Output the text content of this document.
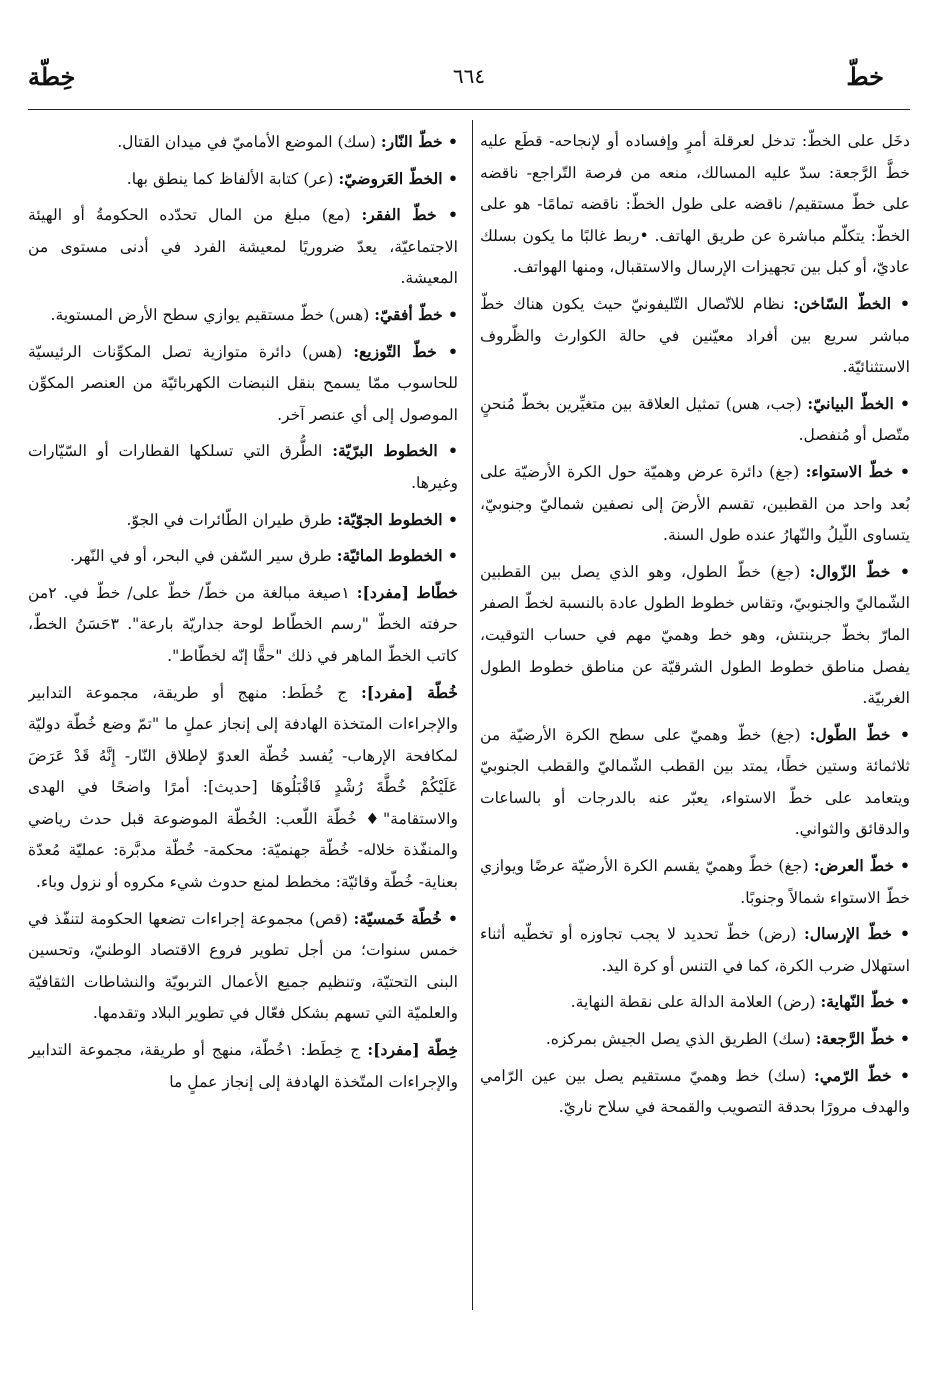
خطّ
٦٦٤
خِطّة

دخَل على الخطّ: تدخل لعرقلة أمرٍ وإفساده أو لإنجاحه- قطَع عليه خطَّ الرَّجعة: سدّ عليه المسالك، منعه من فرصة التّراجع- ناقضه على خطّ مستقيم/ ناقضه على طول الخطّ: ناقضه تمامًا- هو على الخطّ: يتكلّم مباشرة عن طريق الهاتف. •ربط غالبًا ما يكون بسلك عاديّ، أو كبل بين تجهيزات الإرسال والاستقبال، ومنها الهواتف.

• الخطّ السّاخن: نظام للاتّصال التّليفونيّ حيث يكون هناك خطّ مباشر سريع بين أفراد معيّنين في حالة الكوارث والظّروف الاستثنائيّة.

• الخطّ البيانيّ: (جب، هس) تمثيل العلاقة بين متغيِّرين بخطّ مُنحنٍ متّصل أو مُنفصل.

• خطّ الاستواء: (جغ) دائرة عرض وهميّة حول الكرة الأرضيّة على بُعد واحد من القطبين، تقسم الأرضَ إلى نصفين شماليّ وجنوبيّ، يتساوى اللّيلُ والنّهارُ عنده طول السنة.

• خطّ الزّوال: (جغ) خطّ الطول، وهو الذي يصل بين القطبين الشّماليّ والجنوبيّ، وتقاس خطوط الطول عادة بالنسبة لخطّ الصفر المارّ بخطّ جرينتش، وهو خط وهميّ مهم في حساب التوقيت، يفصل مناطق خطوط الطول الشرقيّة عن مناطق خطوط الطول الغربيّة.

• خطّ الطّول: (جغ) خطّ وهميّ على سطح الكرة الأرضيّة من ثلاثمائة وستين خطًا، يمتد بين القطب الشّماليّ والقطب الجنوبيّ ويتعامد على خطّ الاستواء، يعبّر عنه بالدرجات أو بالساعات والدقائق والثواني.

• خطّ العرض: (جغ) خطّ وهميّ يقسم الكرة الأرضيّة عرضًا ويوازي خطّ الاستواء شمالاً وجنوبًا.

• خطّ الإرسال: (رض) خطّ تحديد لا يجب تجاوزه أو تخطّيه أثناء استهلال ضرب الكرة، كما في التنس أو كرة اليد.

• خطّ النّهاية: (رض) العلامة الدالة على نقطة النهاية.

• خطّ الرَّجعة: (سك) الطريق الذي يصل الجيش بمركزه.

• خطّ الرّمي: (سك) خط وهميّ مستقيم يصل بين عين الرّامي والهدف مرورًا بحدقة التصويب والقمحة في سلاح ناريّ.

• خطّ النّار: (سك) الموضع الأماميّ في ميدان القتال.

• الخطّ العَروضيّ: (عر) كتابة الألفاظ كما ينطق بها.

• خطّ الفقر: (مع) مبلغ من المال تحدّده الحكومةُ أو الهيئة الاجتماعيّة، يعدّ ضروريًا لمعيشة الفرد في أدنى مستوى من المعيشة.

• خطّ أفقيّ: (هس) خطّ مستقيم يوازي سطح الأرض المستوية.

• خطّ التّوزيع: (هس) دائرة متوازية تصل المكوِّنات الرئيسيّة للحاسوب ممّا يسمح بنقل النبضات الكهربائيّة من العنصر المكوِّن الموصول إلى أي عنصر آخر.

• الخطوط البرّيّة: الطُّرق التي تسلكها القطارات أو السّيّارات وغيرها.

• الخطوط الجوّيّة: طرق طيران الطّائرات في الجوّ.

• الخطوط المائيّة: طرق سير السّفن في البحر، أو في النّهر.

خطّاط [مفرد]: ١صيغة مبالغة من خطّ/ خطّ على/ خطّ في. ٢من حرفته الخطّ "رسم الخطّاط لوحة جداريّة بارعة". ٣حَسَنُ الخطّ، كاتب الخطّ الماهر في ذلك "حقًّا إنّه لخطّاط".

خُطّة [مفرد]: ج خُطَط: منهج أو طريقة، مجموعة التدابير والإجراءات المتخذة الهادفة إلى إنجاز عملٍ ما "تمّ وضع خُطّة دوليّة لمكافحة الإرهاب- يُفسد خُطّة العدوّ لإطلاق النّار- إِنَّهُ قَدْ عَرَضَ عَلَيْكُمْ خُطَّةَ رُشْدٍ فَاقْبَلُوهَا [حديث]: أمرًا واضحًا في الهدى والاستقامة"♦ خُطّة اللّعب: الخُطّة الموضوعة قبل حدث رياضي والمنفّذة خلاله- خُطّة جهنميّة: محكمة- خُطّة مدبَّرة: عمليّة مُعدّة بعناية- خُطّة وقائيّة: مخطط لمنع حدوث شيء مكروه أو نزول وباء.

• خُطّة خَمسيّة: (قص) مجموعة إجراءات تضعها الحكومة لتنفّذ في خمس سنوات؛ من أجل تطوير فروع الاقتصاد الوطنيّ، وتحسين البنى التحتيّة، وتنظيم جميع الأعمال التربويّة والنشاطات الثقافيّة والعلميّة التي تسهم بشكل فعّال في تطوير البلاد وتقدمها.

خِطّة [مفرد]: ج خِطَط: ١خُطّة، منهج أو طريقة، مجموعة التدابير والإجراءات المتّخذة الهادفة إلى إنجاز عملٍ ما
